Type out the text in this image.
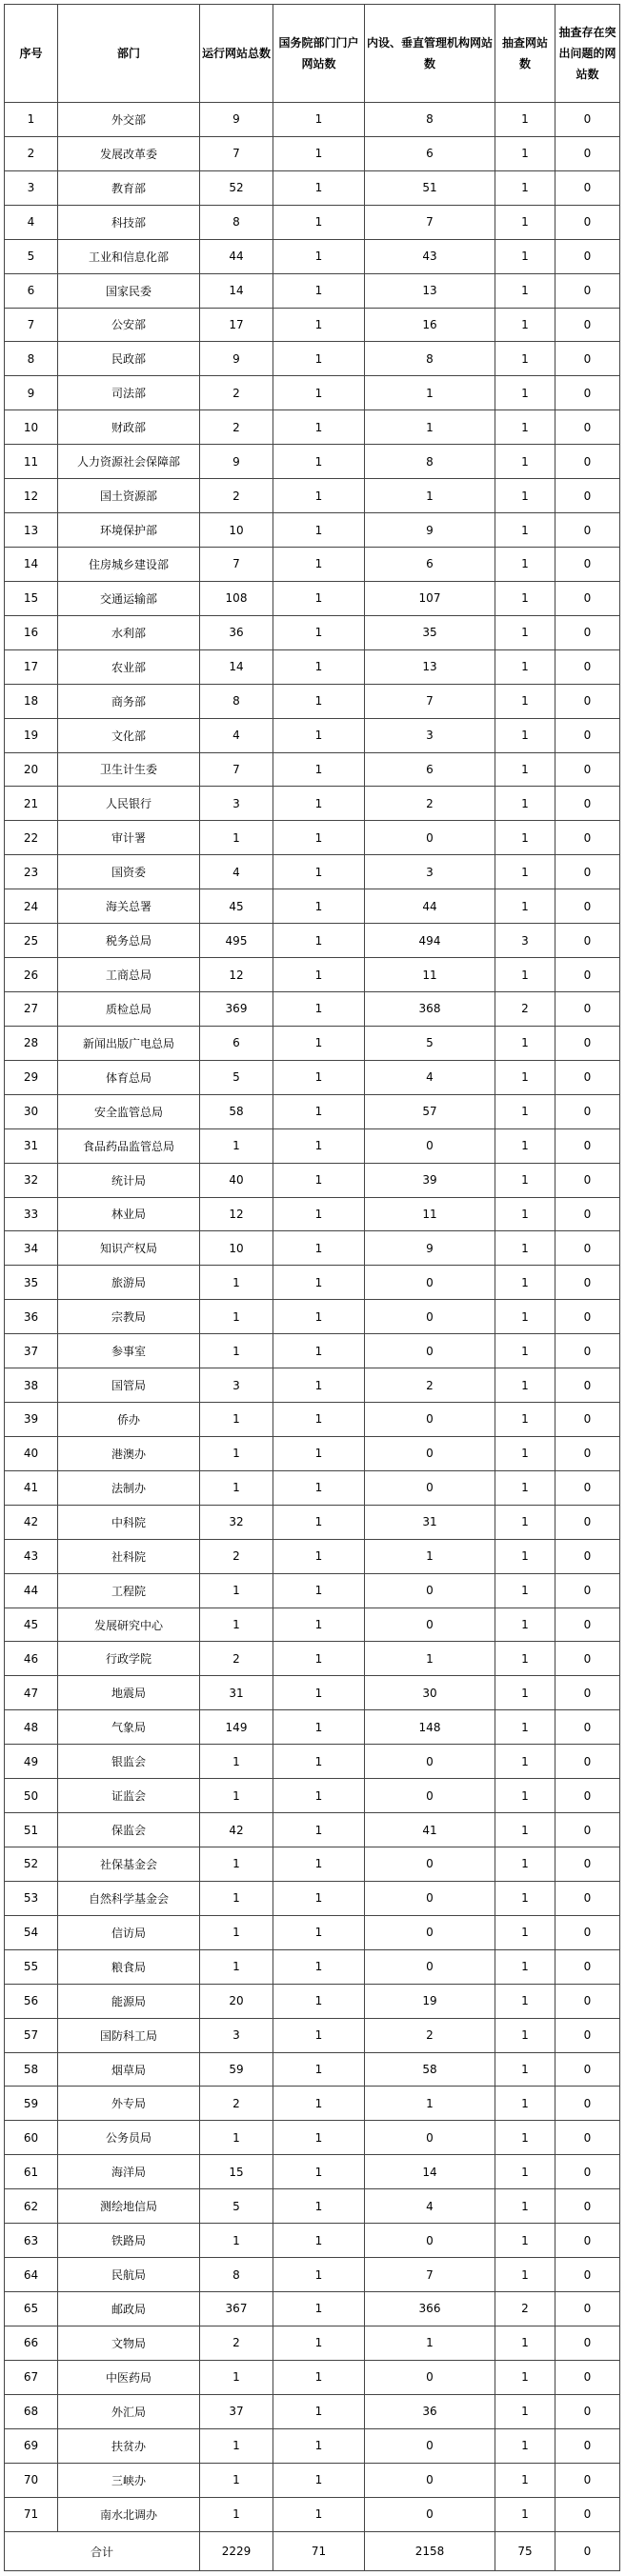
序号	部门	运行网站总数	国务院部门门户网站数	内设、垂直管理机构网站数	抽查网站数	抽查存在突出问题的网站数
1	外交部	9	1	8	1	0
2	发展改革委	7	1	6	1	0
3	教育部	52	1	51	1	0
4	科技部	8	1	7	1	0
5	工业和信息化部	44	1	43	1	0
6	国家民委	14	1	13	1	0
7	公安部	17	1	16	1	0
8	民政部	9	1	8	1	0
9	司法部	2	1	1	1	0
10	财政部	2	1	1	1	0
11	人力资源社会保障部	9	1	8	1	0
12	国土资源部	2	1	1	1	0
13	环境保护部	10	1	9	1	0
14	住房城乡建设部	7	1	6	1	0
15	交通运输部	108	1	107	1	0
16	水利部	36	1	35	1	0
17	农业部	14	1	13	1	0
18	商务部	8	1	7	1	0
19	文化部	4	1	3	1	0
20	卫生计生委	7	1	6	1	0
21	人民银行	3	1	2	1	0
22	审计署	1	1	0	1	0
23	国资委	4	1	3	1	0
24	海关总署	45	1	44	1	0
25	税务总局	495	1	494	3	0
26	工商总局	12	1	11	1	0
27	质检总局	369	1	368	2	0
28	新闻出版广电总局	6	1	5	1	0
29	体育总局	5	1	4	1	0
30	安全监管总局	58	1	57	1	0
31	食品药品监管总局	1	1	0	1	0
32	统计局	40	1	39	1	0
33	林业局	12	1	11	1	0
34	知识产权局	10	1	9	1	0
35	旅游局	1	1	0	1	0
36	宗教局	1	1	0	1	0
37	参事室	1	1	0	1	0
38	国管局	3	1	2	1	0
39	侨办	1	1	0	1	0
40	港澳办	1	1	0	1	0
41	法制办	1	1	0	1	0
42	中科院	32	1	31	1	0
43	社科院	2	1	1	1	0
44	工程院	1	1	0	1	0
45	发展研究中心	1	1	0	1	0
46	行政学院	2	1	1	1	0
47	地震局	31	1	30	1	0
48	气象局	149	1	148	1	0
49	银监会	1	1	0	1	0
50	证监会	1	1	0	1	0
51	保监会	42	1	41	1	0
52	社保基金会	1	1	0	1	0
53	自然科学基金会	1	1	0	1	0
54	信访局	1	1	0	1	0
55	粮食局	1	1	0	1	0
56	能源局	20	1	19	1	0
57	国防科工局	3	1	2	1	0
58	烟草局	59	1	58	1	0
59	外专局	2	1	1	1	0
60	公务员局	1	1	0	1	0
61	海洋局	15	1	14	1	0
62	测绘地信局	5	1	4	1	0
63	铁路局	1	1	0	1	0
64	民航局	8	1	7	1	0
65	邮政局	367	1	366	2	0
66	文物局	2	1	1	1	0
67	中医药局	1	1	0	1	0
68	外汇局	37	1	36	1	0
69	扶贫办	1	1	0	1	0
70	三峡办	1	1	0	1	0
71	南水北调办	1	1	0	1	0
合计		2229	71	2158	75	0
